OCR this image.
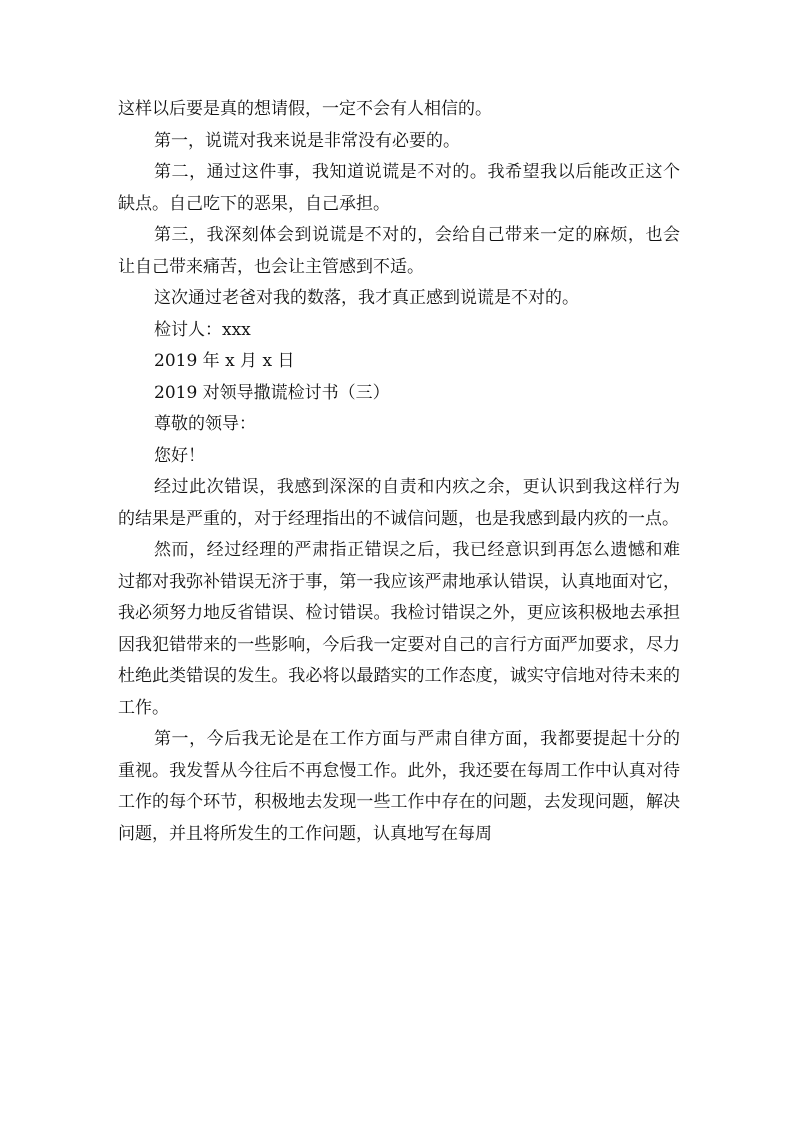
这样以后要是真的想请假，一定不会有人相信的。

第一，说谎对我来说是非常没有必要的。

第二，通过这件事，我知道说谎是不对的。我希望我以后能改正这个缺点。自己吃下的恶果，自己承担。

第三，我深刻体会到说谎是不对的，会给自己带来一定的麻烦，也会让自己带来痛苦，也会让主管感到不适。

这次通过老爸对我的数落，我才真正感到说谎是不对的。

检讨人：xxx

2019 年 x 月 x 日

2019 对领导撒谎检讨书（三）

尊敬的领导：

您好！

经过此次错误，我感到深深的自责和内疚之余，更认识到我这样行为的结果是严重的，对于经理指出的不诚信问题，也是我感到最内疚的一点。

然而，经过经理的严肃指正错误之后，我已经意识到再怎么遗憾和难过都对我弥补错误无济于事，第一我应该严肃地承认错误，认真地面对它，我必须努力地反省错误、检讨错误。我检讨错误之外，更应该积极地去承担因我犯错带来的一些影响，今后我一定要对自己的言行方面严加要求，尽力杜绝此类错误的发生。我必将以最踏实的工作态度，诚实守信地对待未来的工作。

第一，今后我无论是在工作方面与严肃自律方面，我都要提起十分的重视。我发誓从今往后不再怠慢工作。此外，我还要在每周工作中认真对待工作的每个环节，积极地去发现一些工作中存在的问题，去发现问题，解决问题，并且将所发生的工作问题，认真地写在每周
